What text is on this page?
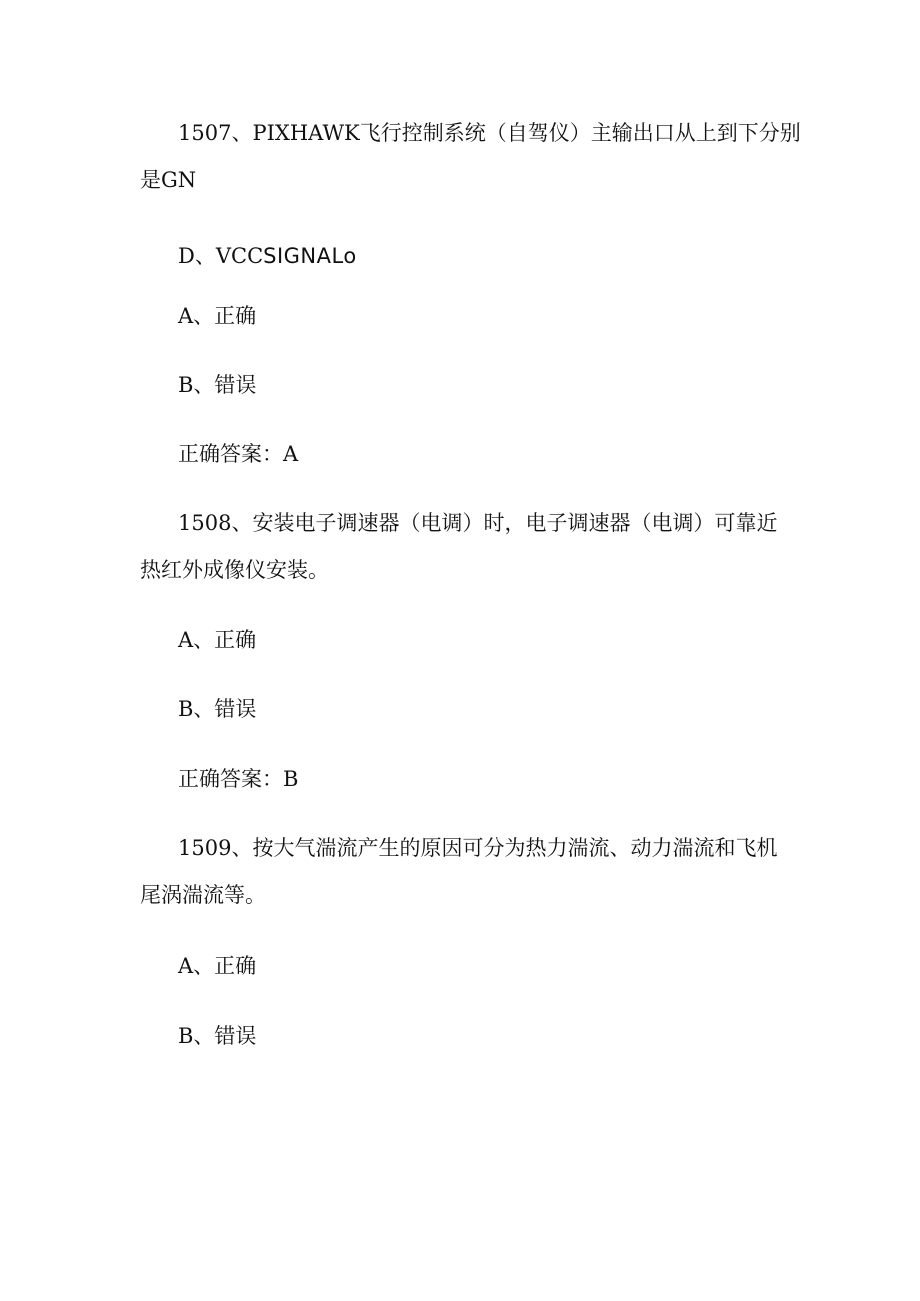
1507、PIXHAWK飞行控制系统（自驾仪）主输出口从上到下分别
是GN
D、VCCSIGNALo
A、正确
B、错误
正确答案：A
1508、安装电子调速器（电调）时，电子调速器（电调）可靠近
热红外成像仪安装。
A、正确
B、错误
正确答案：B
1509、按大气湍流产生的原因可分为热力湍流、动力湍流和飞机
尾涡湍流等。
A、正确
B、错误
